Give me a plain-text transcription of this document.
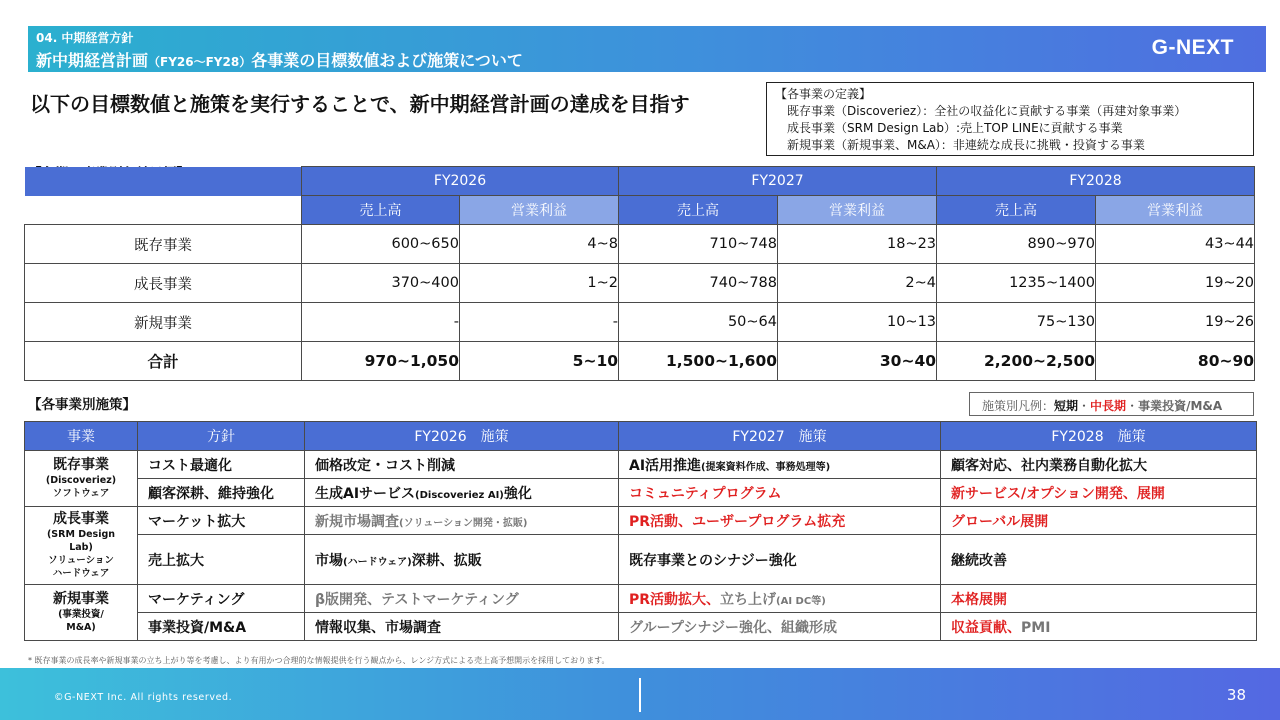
04. 中期経営方針
新中期経営計画（FY26〜FY28）各事業の目標数値および施策について
G-NEXT
以下の目標数値と施策を実行することで、新中期経営計画の達成を目指す	【各事業の定義】
既存事業（Discoveriez）：全社の収益化に貢献する事業（再建対象事業）
成長事業（SRM Design Lab）:売上TOP LINEに貢献する事業
新規事業（新規事業、M&A）：非連続な成長に挑戦・投資する事業
	FY2026		FY2027		FY2028	
	売上高	営業利益	売上高	営業利益	売上高	営業利益
既存事業	600~650	4~8	710~748	18~23	890~970	43~44
成長事業	370~400	1~2	740~788	2~4	1235~1400	19~20
新規事業	-	-	50~64	10~13	75~130	19~26
合計	970~1,050	5~10	1,500~1,600	30~40	2,200~2,500	80~90
【各事業別施策】	施策別凡例：短期・中長期・事業投資/M&A
事業	方針	FY2026　施策	FY2027　施策	FY2028　施策

既存事業
(Discoveriez)
ソフトウェア	コスト最適化	価格改定・コスト削減	AI活用推進(提案資料作成、事務処理等)	顧客対応、社内業務自動化拡大
	顧客深耕、維持強化	生成AIサービス(Discoveriez AI)強化	コミュニティプログラム	新サービス/オプション開発、展開

成長事業
(SRM Design
Lab)
ソリューション
ハードウェア	マーケット拡大	新規市場調査(ソリューション開発・拡販)	PR活動、ユーザープログラム拡充	グローバル展開
	売上拡大	市場(ハードウェア)深耕、拡販	既存事業とのシナジー強化	継続改善

新規事業
(事業投資/
M&A)	マーケティング	β版開発、テストマーケティング	PR活動拡大、立ち上げ(AI DC等)	本格展開
	事業投資/M&A	情報収集、市場調査	グループシナジー強化、組織形成	収益貢献、PMI
* 既存事業の成長率や新規事業の立ち上がり等を考慮し、より有用かつ合理的な情報提供を行う観点から、レンジ方式による売上高予想開示を採用しております。
©G-NEXT Inc. All rights reserved.	38
